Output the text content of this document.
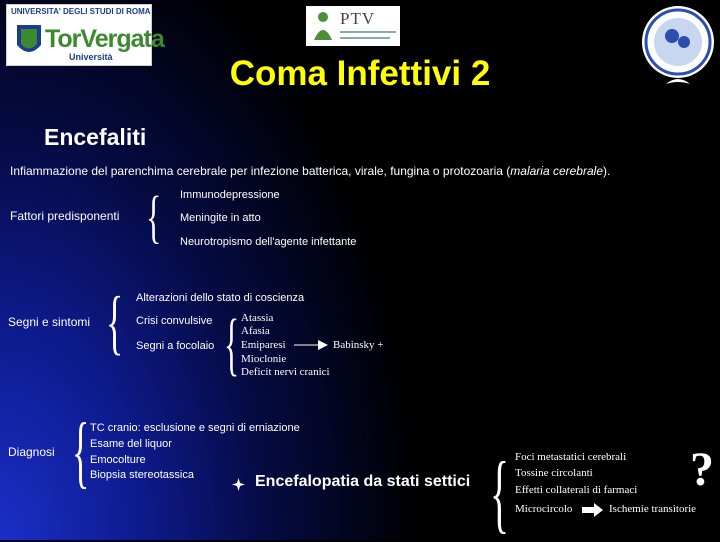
UNIVERSITA' DEGLI STUDI DI ROMA
TorVergata
Università
PTV
Coma Infettivi 2
Encefaliti
Infiammazione del parenchima cerebrale per infezione batterica, virale, fungina o protozoaria (malaria cerebrale).
Fattori predisponenti { Immunodepressione
Meningite in atto
Neurotropismo dell'agente infettante
Segni e sintomi { Alterazioni dello stato di coscienza
Crisi convulsive
Segni a focolaio { Atassia
Afasia
Emiparesi
Mioclonie
Deficit nervi cranici
Babinsky +
Diagnosi { TC cranio: esclusione e segni di erniazione
Esame del liquor
Emocolture
Biopsia stereotassica	Encefalopatia da stati settici { Foci metastatici cerebrali
Tossine circolanti
Effetti collaterali di farmaci
Microcircolo	Ischemie transitorie
?
